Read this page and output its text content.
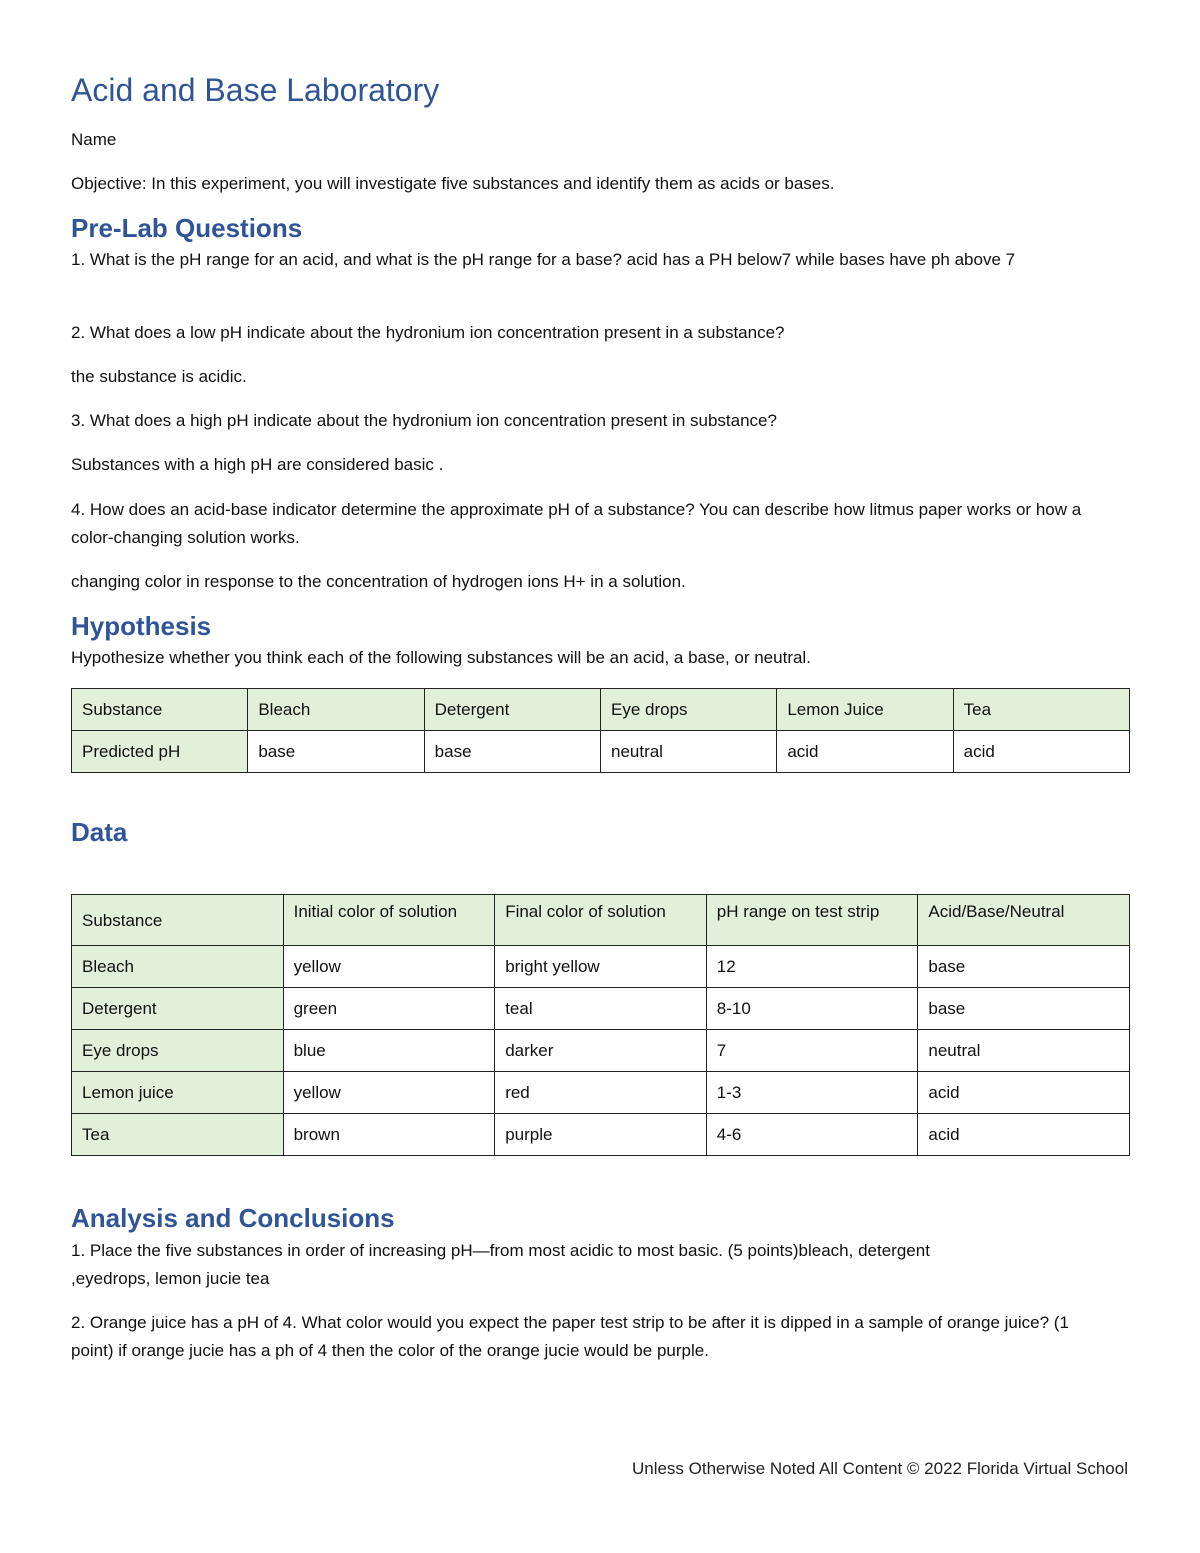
Acid and Base Laboratory
Name
Objective: In this experiment, you will investigate five substances and identify them as acids or bases.
Pre-Lab Questions
1. What is the pH range for an acid, and what is the pH range for a base? acid has a PH below7 while bases have ph above 7
2. What does a low pH indicate about the hydronium ion concentration present in a substance?
the substance is acidic.
3. What does a high pH indicate about the hydronium ion concentration present in substance?
Substances with a high pH are considered basic .
4. How does an acid-base indicator determine the approximate pH of a substance? You can describe how litmus paper works or how a color-changing solution works.
changing color in response to the concentration of hydrogen ions H+ in a solution.
Hypothesis
Hypothesize whether you think each of the following substances will be an acid, a base, or neutral.
Substance	Bleach	Detergent	Eye drops	Lemon Juice	Tea
Predicted pH	base	base	neutral	acid	acid
Data
Substance	Initial color of solution	Final color of solution	pH range on test strip	Acid/Base/Neutral
Bleach	yellow	bright yellow	12	base
Detergent	green	teal	8-10	base
Eye drops	blue	darker	7	neutral
Lemon juice	yellow	red	1-3	acid
Tea	brown	purple	4-6	acid
Analysis and Conclusions
1. Place the five substances in order of increasing pH—from most acidic to most basic. (5 points)bleach, detergent ,eyedrops, lemon jucie tea
2. Orange juice has a pH of 4. What color would you expect the paper test strip to be after it is dipped in a sample of orange juice? (1 point) if orange jucie has a ph of 4 then the color of the orange jucie would be purple.
Unless Otherwise Noted All Content © 2022 Florida Virtual School
